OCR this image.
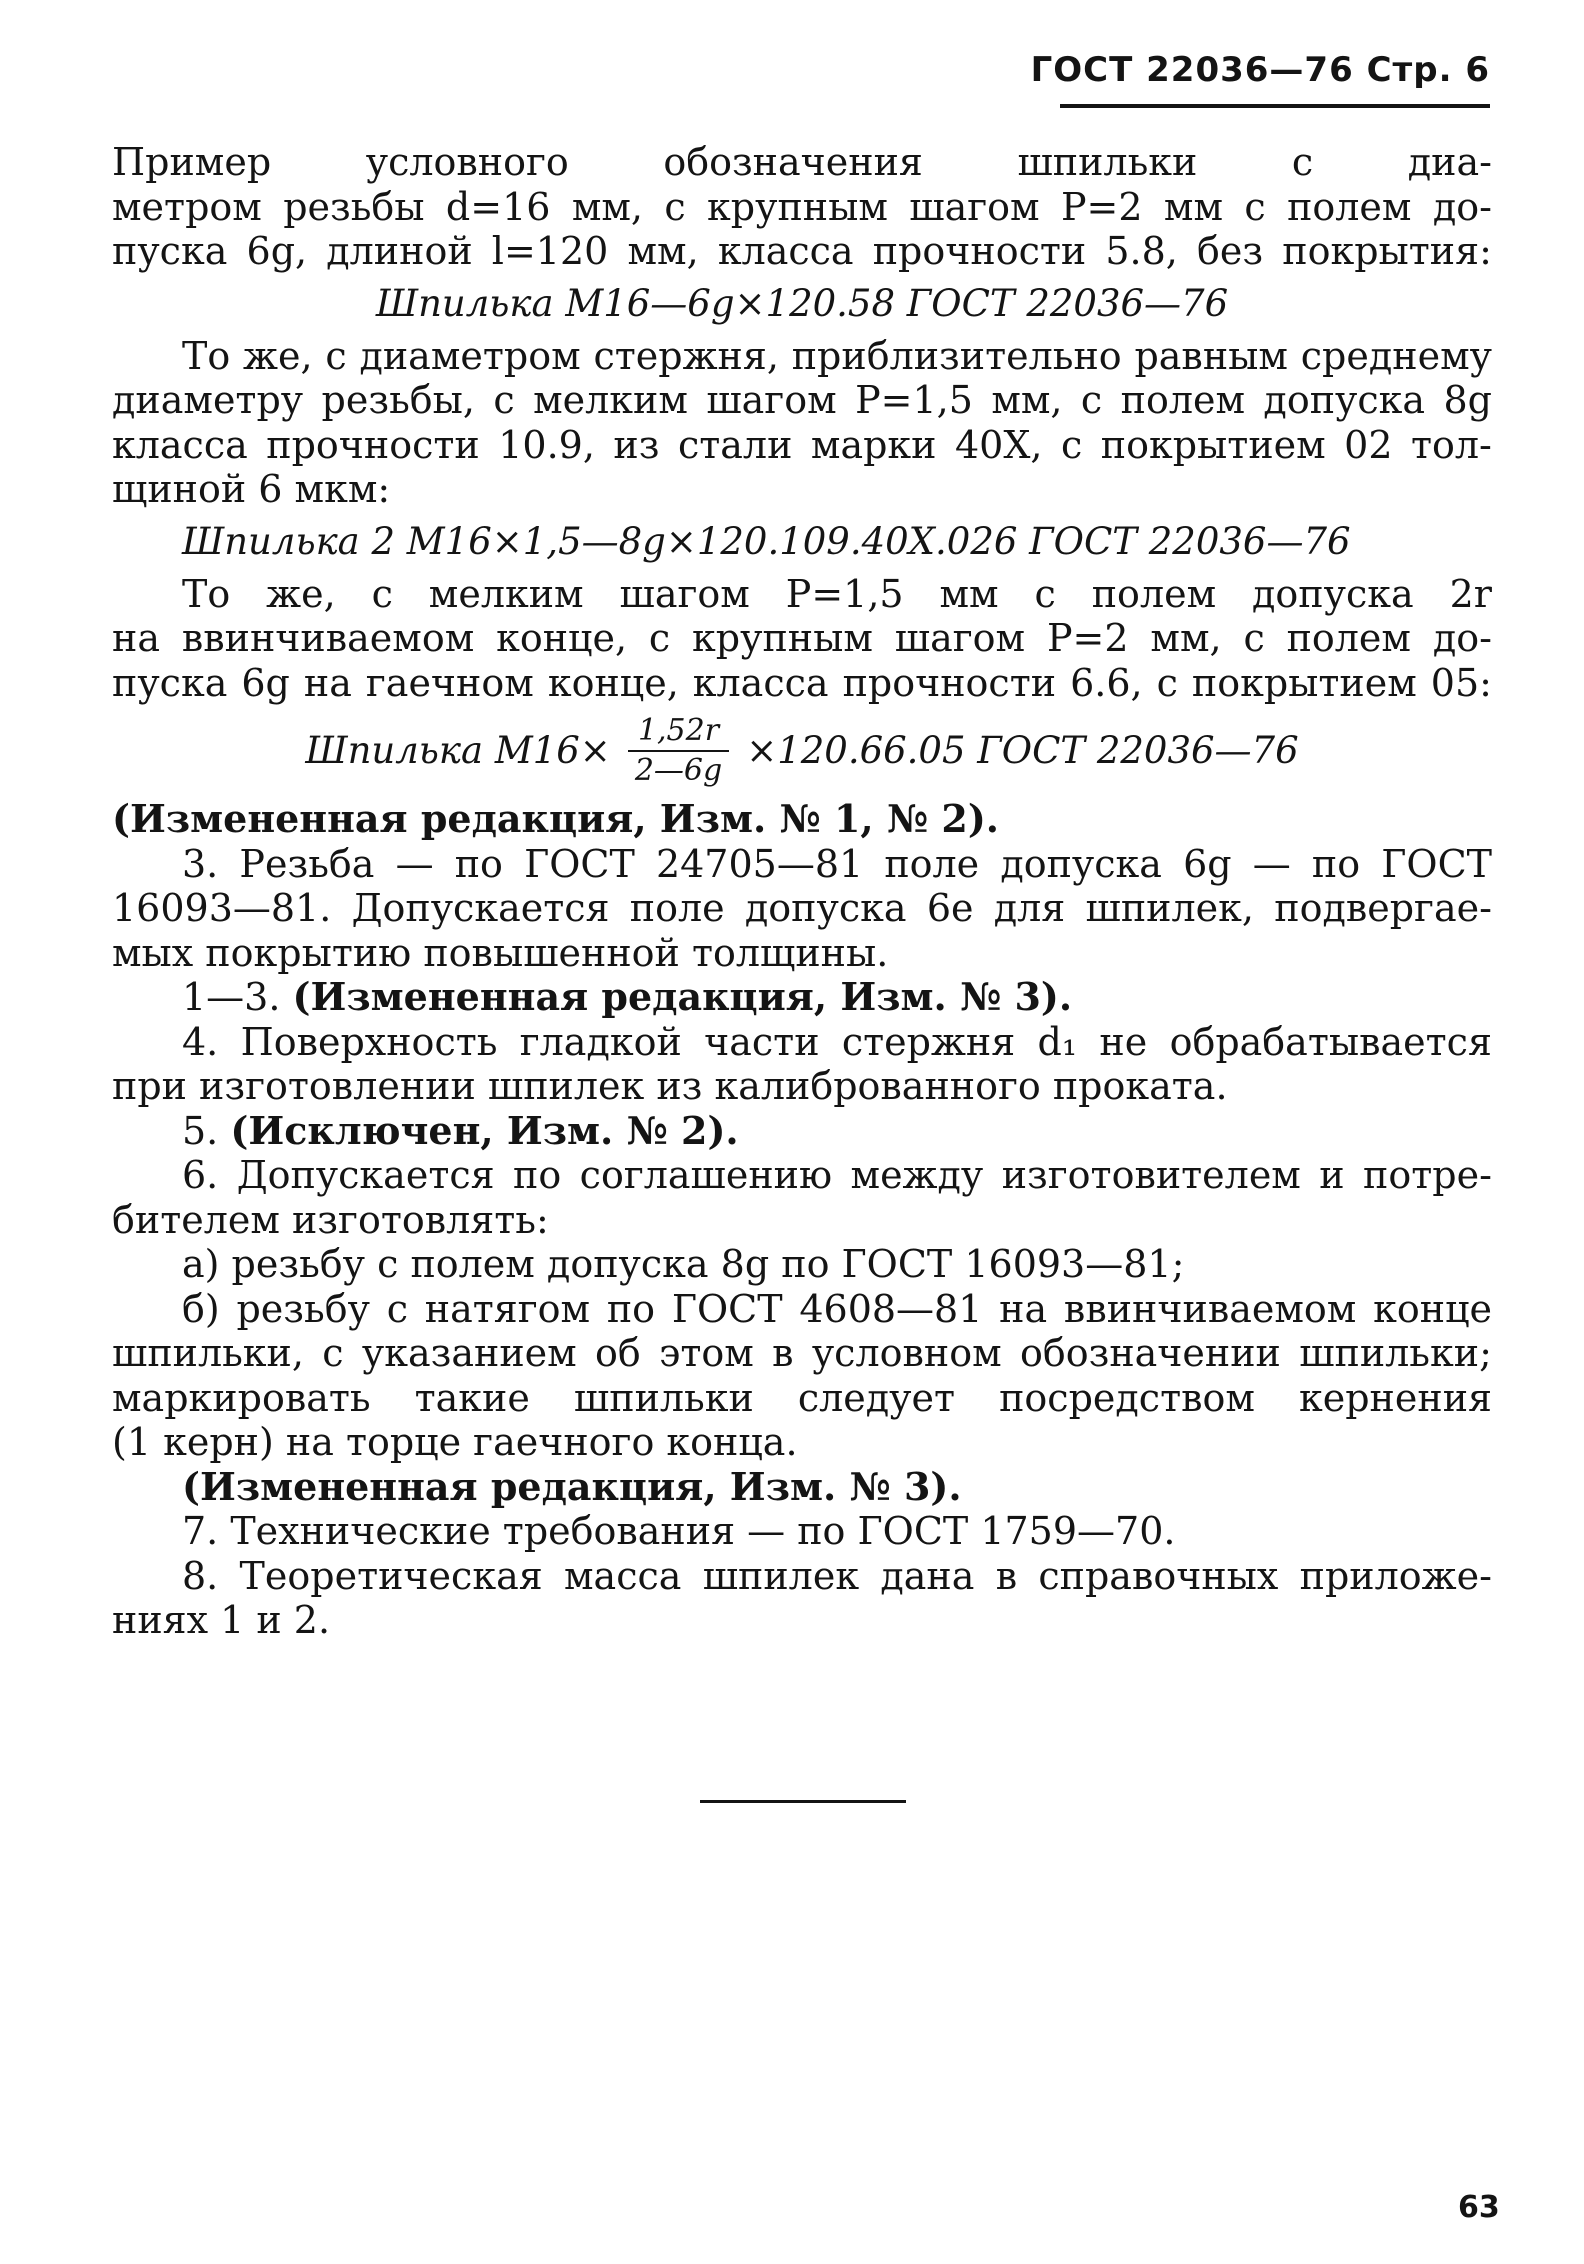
ГОСТ 22036—76 Стр. 6
Пример условного обозначения шпильки с диа-
метром резьбы d=16 мм, с крупным шагом P=2 мм с полем до-
пуска 6g, длиной l=120 мм, класса прочности 5.8, без покрытия:
Шпилька М16—6g×120.58 ГОСТ 22036—76
То же, с диаметром стержня, приблизительно равным среднему
диаметру резьбы, с мелким шагом P=1,5 мм, с полем допуска 8g
класса прочности 10.9, из стали марки 40Х, с покрытием 02 тол-
щиной 6 мкм:
Шпилька 2 М16×1,5—8g×120.109.40Х.026 ГОСТ 22036—76
То же, с мелким шагом P=1,5 мм с полем допуска 2r
на ввинчиваемом конце, с крупным шагом P=2 мм, с полем до-
пуска 6g на гаечном конце, класса прочности 6.6, с покрытием 05:
Шпилька $М16\times \frac{1,52r}{2—6g} \times 120.66.05$ ГОСТ 22036—76
(Измененная редакция, Изм. № 1, № 2).
3. Резьба — по ГОСТ 24705—81 поле допуска 6g — по ГОСТ
16093—81. Допускается поле допуска 6е для шпилек, подвергае-
мых покрытию повышенной толщины.
1—3.
(Измененная редакция, Изм. № 3).
4. Поверхность гладкой части стержня d₁ не обрабатывается
при изготовлении шпилек из калиброванного проката.
5.
(Исключен, Изм. № 2).
6. Допускается по соглашению между изготовителем и потре-
бителем изготовлять:
а) резьбу с полем допуска 8g по ГОСТ 16093—81;
б) резьбу с натягом по ГОСТ 4608—81 на ввинчиваемом конце
шпильки, с указанием об этом в условном обозначении шпильки;
маркировать такие шпильки следует посредством кернения
(1 керн) на торце гаечного конца.
(Измененная редакция, Изм. № 3).
7. Технические требования — по ГОСТ 1759—70.
8. Теоретическая масса шпилек дана в справочных приложе-
ниях 1 и 2.
63
